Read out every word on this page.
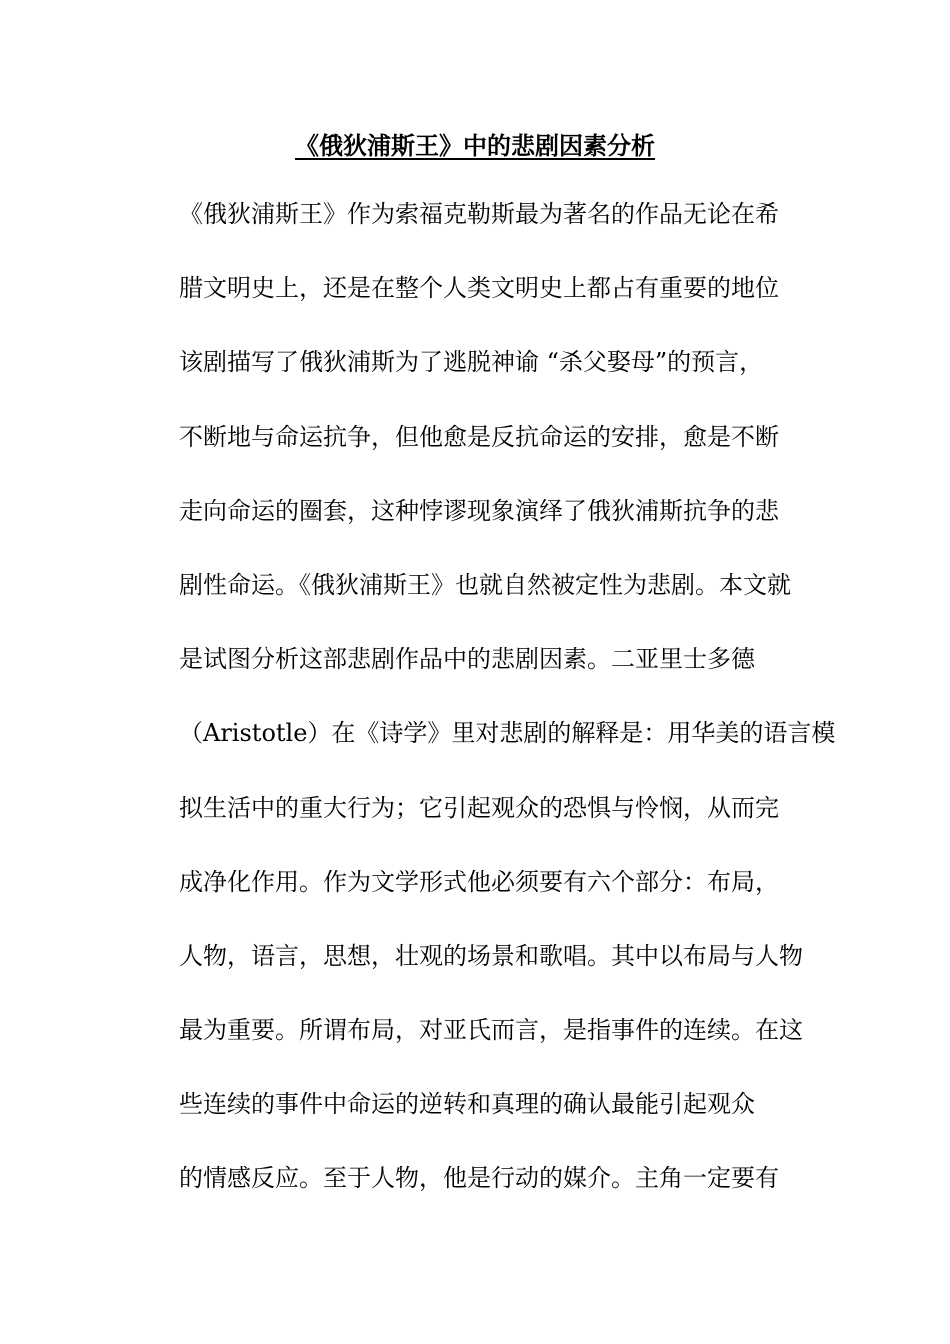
《俄狄浦斯王》中的悲剧因素分析
《俄狄浦斯王》作为索福克勒斯最为著名的作品无论在希
腊文明史上，还是在整个人类文明史上都占有重要的地位
该剧描写了俄狄浦斯为了逃脱神谕 “杀父娶母”的预言，
不断地与命运抗争，但他愈是反抗命运的安排，愈是不断
走向命运的圈套，这种悖谬现象演绎了俄狄浦斯抗争的悲
剧性命运。《俄狄浦斯王》也就自然被定性为悲剧。本文就
是试图分析这部悲剧作品中的悲剧因素。二亚里士多德
（Aristotle）在《诗学》里对悲剧的解释是：用华美的语言模
拟生活中的重大行为；它引起观众的恐惧与怜悯，从而完
成净化作用。作为文学形式他必须要有六个部分：布局，
人物，语言，思想，壮观的场景和歌唱。其中以布局与人物
最为重要。所谓布局，对亚氏而言，是指事件的连续。在这
些连续的事件中命运的逆转和真理的确认最能引起观众
的情感反应。至于人物，他是行动的媒介。主角一定要有
